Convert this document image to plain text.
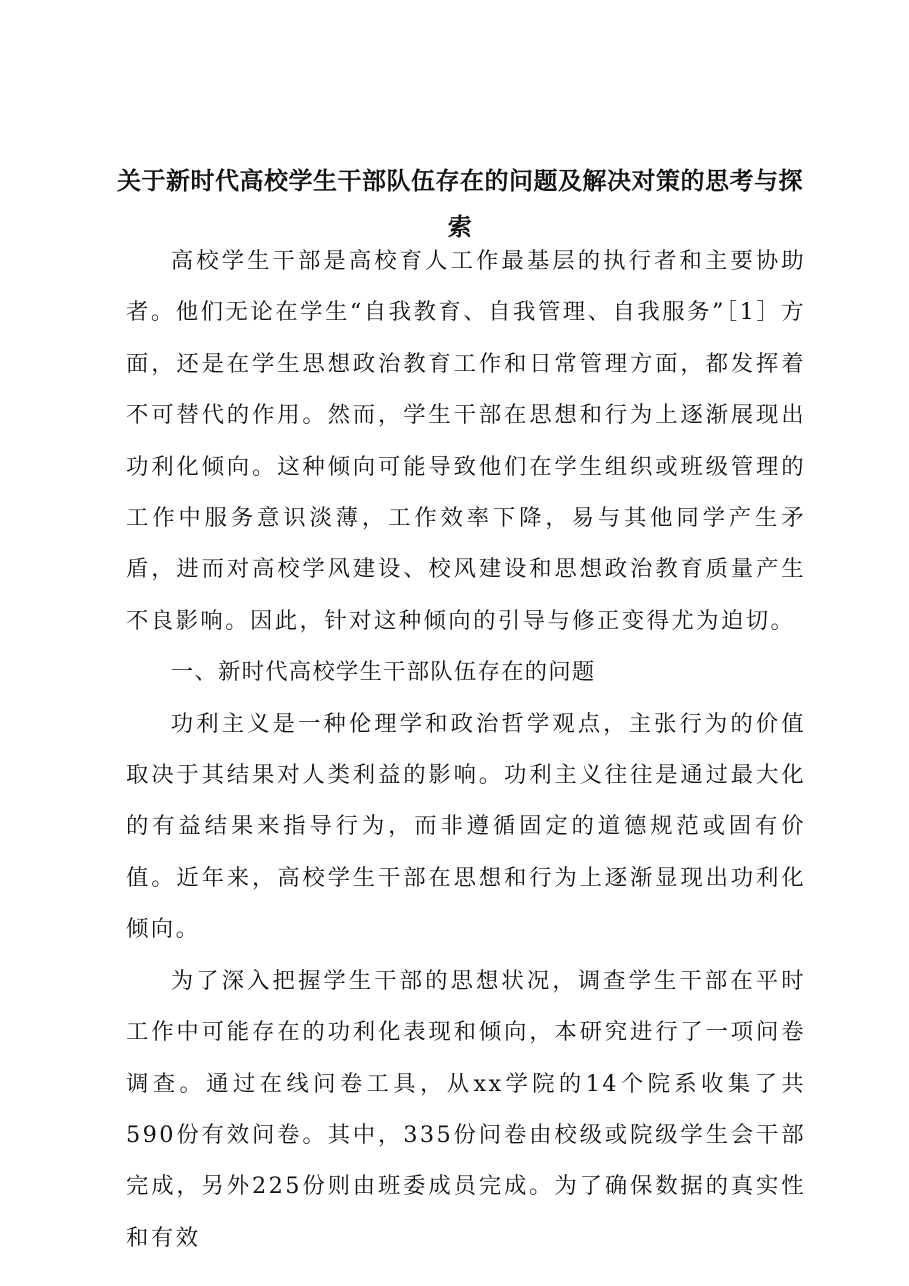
关于新时代高校学生干部队伍存在的问题及解决对策的思考与探索

高校学生干部是高校育人工作最基层的执行者和主要协助者。他们无论在学生“自我教育、自我管理、自我服务”［1］方面，还是在学生思想政治教育工作和日常管理方面，都发挥着不可替代的作用。然而，学生干部在思想和行为上逐渐展现出功利化倾向。这种倾向可能导致他们在学生组织或班级管理的工作中服务意识淡薄，工作效率下降，易与其他同学产生矛盾，进而对高校学风建设、校风建设和思想政治教育质量产生不良影响。因此，针对这种倾向的引导与修正变得尤为迫切。

一、新时代高校学生干部队伍存在的问题

功利主义是一种伦理学和政治哲学观点，主张行为的价值取决于其结果对人类利益的影响。功利主义往往是通过最大化的有益结果来指导行为，而非遵循固定的道德规范或固有价值。近年来，高校学生干部在思想和行为上逐渐显现出功利化倾向。

为了深入把握学生干部的思想状况，调查学生干部在平时工作中可能存在的功利化表现和倾向，本研究进行了一项问卷调查。通过在线问卷工具，从xx学院的14个院系收集了共590份有效问卷。其中，335份问卷由校级或院级学生会干部完成，另外225份则由班委成员完成。为了确保数据的真实性和有效
